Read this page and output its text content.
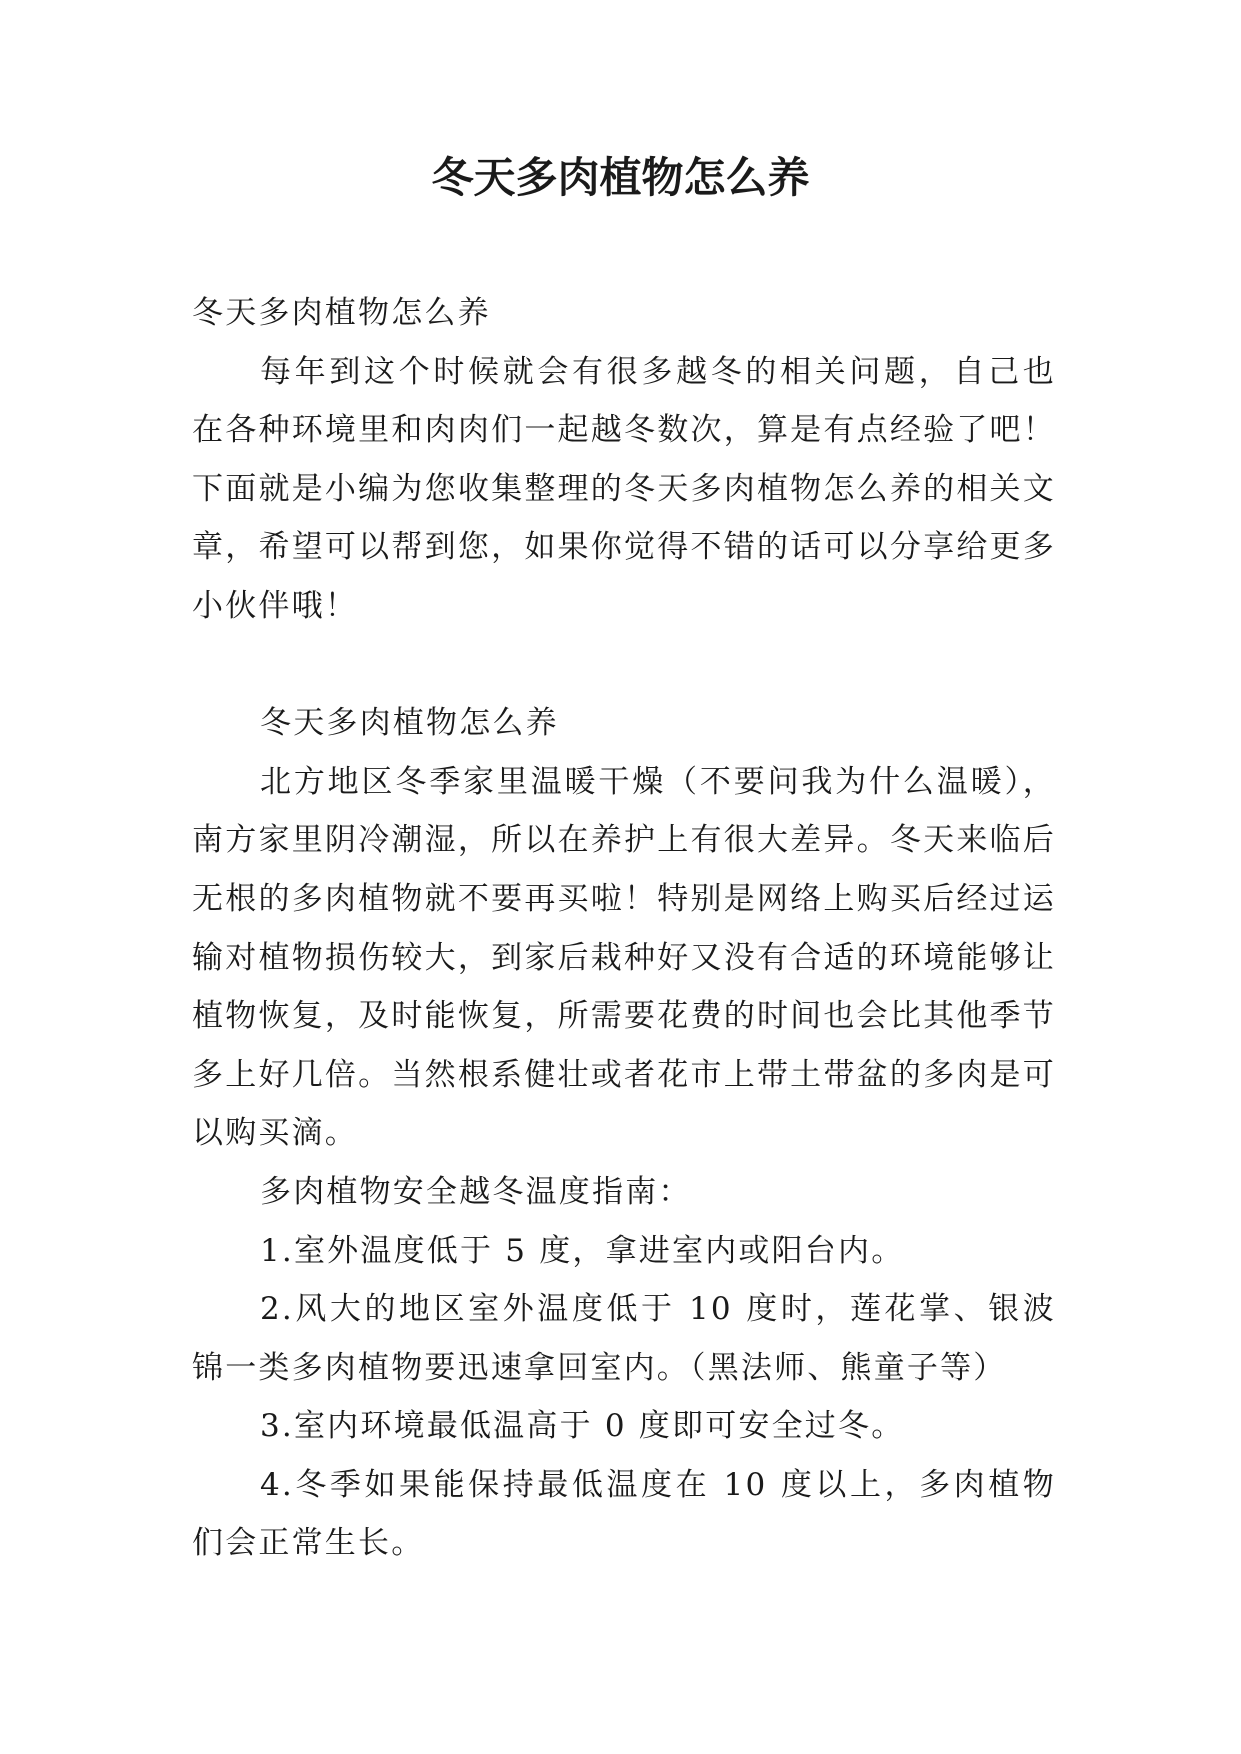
冬天多肉植物怎么养

冬天多肉植物怎么养

每年到这个时候就会有很多越冬的相关问题，自己也在各种环境里和肉肉们一起越冬数次，算是有点经验了吧！下面就是小编为您收集整理的冬天多肉植物怎么养的相关文章，希望可以帮到您，如果你觉得不错的话可以分享给更多小伙伴哦！

冬天多肉植物怎么养

北方地区冬季家里温暖干燥（不要问我为什么温暖），南方家里阴冷潮湿，所以在养护上有很大差异。冬天来临后无根的多肉植物就不要再买啦！特别是网络上购买后经过运输对植物损伤较大，到家后栽种好又没有合适的环境能够让植物恢复，及时能恢复，所需要花费的时间也会比其他季节多上好几倍。当然根系健壮或者花市上带土带盆的多肉是可以购买滴。

多肉植物安全越冬温度指南：

1.室外温度低于 5 度，拿进室内或阳台内。

2.风大的地区室外温度低于 10 度时，莲花掌、银波锦一类多肉植物要迅速拿回室内。（黑法师、熊童子等）

3.室内环境最低温高于 0 度即可安全过冬。

4.冬季如果能保持最低温度在 10 度以上，多肉植物们会正常生长。
